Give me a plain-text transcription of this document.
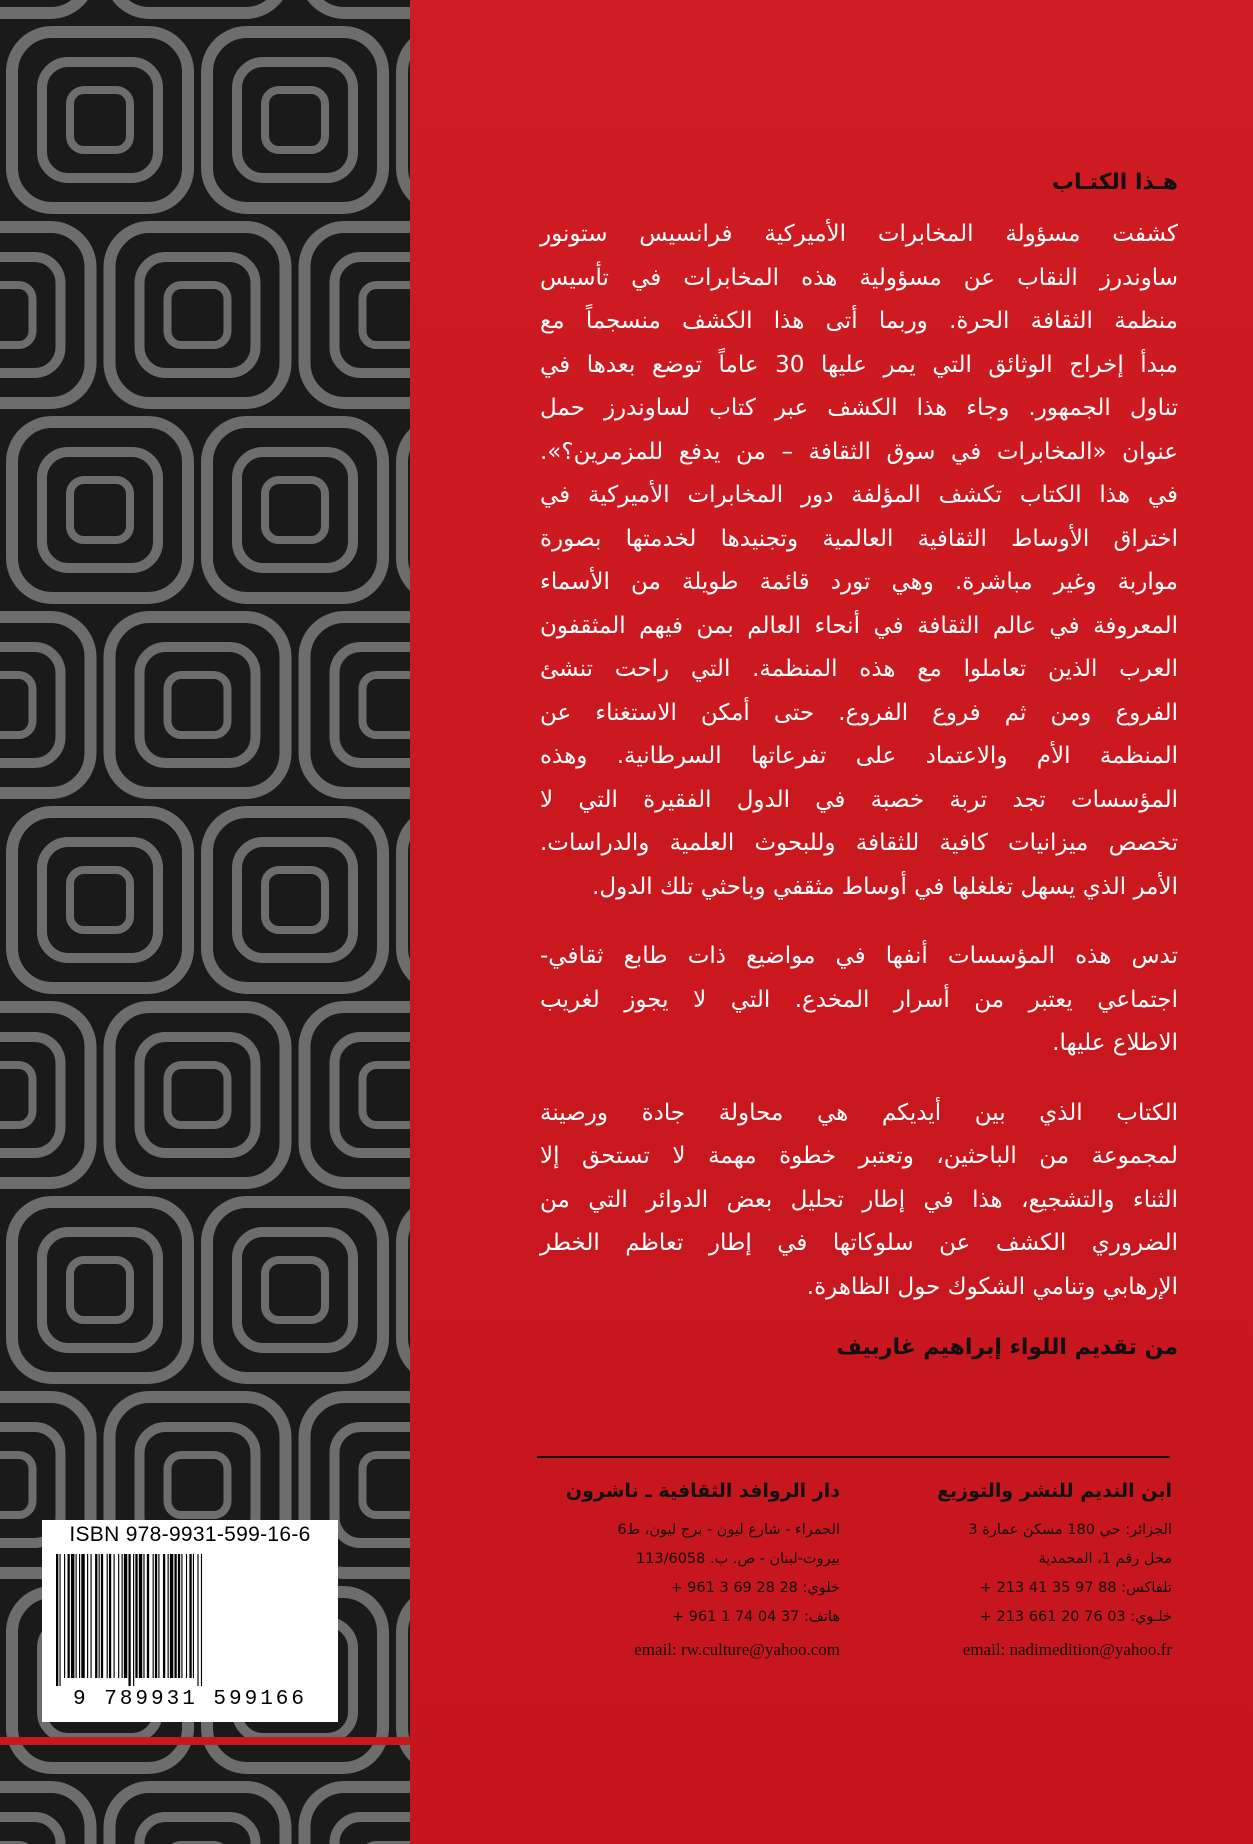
هـذا الكتـاب
كشفت مسؤولة المخابرات الأميركية فرانسيس ستونور
ساوندرز النقاب عن مسؤولية هذه المخابرات في تأسيس
منظمة الثقافة الحرة. وربما أتى هذا الكشف منسجماً مع
مبدأ إخراج الوثائق التي يمر عليها 30 عاماً توضع بعدها في
تناول الجمهور. وجاء هذا الكشف عبر كتاب لساوندرز حمل
عنوان «المخابرات في سوق الثقافة – من يدفع للمزمرين؟».
في هذا الكتاب تكشف المؤلفة دور المخابرات الأميركية في
اختراق الأوساط الثقافية العالمية وتجنيدها لخدمتها بصورة
مواربة وغير مباشرة. وهي تورد قائمة طويلة من الأسماء
المعروفة في عالم الثقافة في أنحاء العالم بمن فيهم المثقفون
العرب الذين تعاملوا مع هذه المنظمة. التي راحت تنشئ
الفروع ومن ثم فروع الفروع. حتى أمكن الاستغناء عن
المنظمة الأم والاعتماد على تفرعاتها السرطانية. وهذه
المؤسسات تجد تربة خصبة في الدول الفقيرة التي لا
تخصص ميزانيات كافية للثقافة وللبحوث العلمية والدراسات.
الأمر الذي يسهل تغلغلها في أوساط مثقفي وباحثي تلك الدول.
تدس هذه المؤسسات أنفها في مواضيع ذات طابع ثقافي-
اجتماعي يعتبر من أسرار المخدع. التي لا يجوز لغريب
الاطلاع عليها.
الكتاب الذي بين أيديكم هي محاولة جادة ورصينة
لمجموعة من الباحثين، وتعتبر خطوة مهمة لا تستحق إلا
الثناء والتشجيع، هذا في إطار تحليل بعض الدوائر التي من
الضروري الكشف عن سلوكاتها في إطار تعاظم الخطر
الإرهابي وتنامي الشكوك حول الظاهرة.
من تقديم اللواء إبراهيم غاربيف
ابن النديم للنشر والتوزيع
الجزائر: حي 180 مسكن عمارة 3
محل رقم 1، المحمدية
تلفاكس: 88 97 35 41 213 +
خلـوي: 03 76 20 661 213 +
email: nadimedition@yahoo.fr
دار الروافد الثقافية ـ ناشرون
الحمراء - شارع ليون - برج ليون، ط6
بيروت-لبنان - ص. ب. 113/6058
خلوي: 28 28 69 3 961 +
هاتف: 37 04 74 1 961 +
email: rw.culture@yahoo.com
ISBN 978-9931-599-16-6
9 789931 599166
